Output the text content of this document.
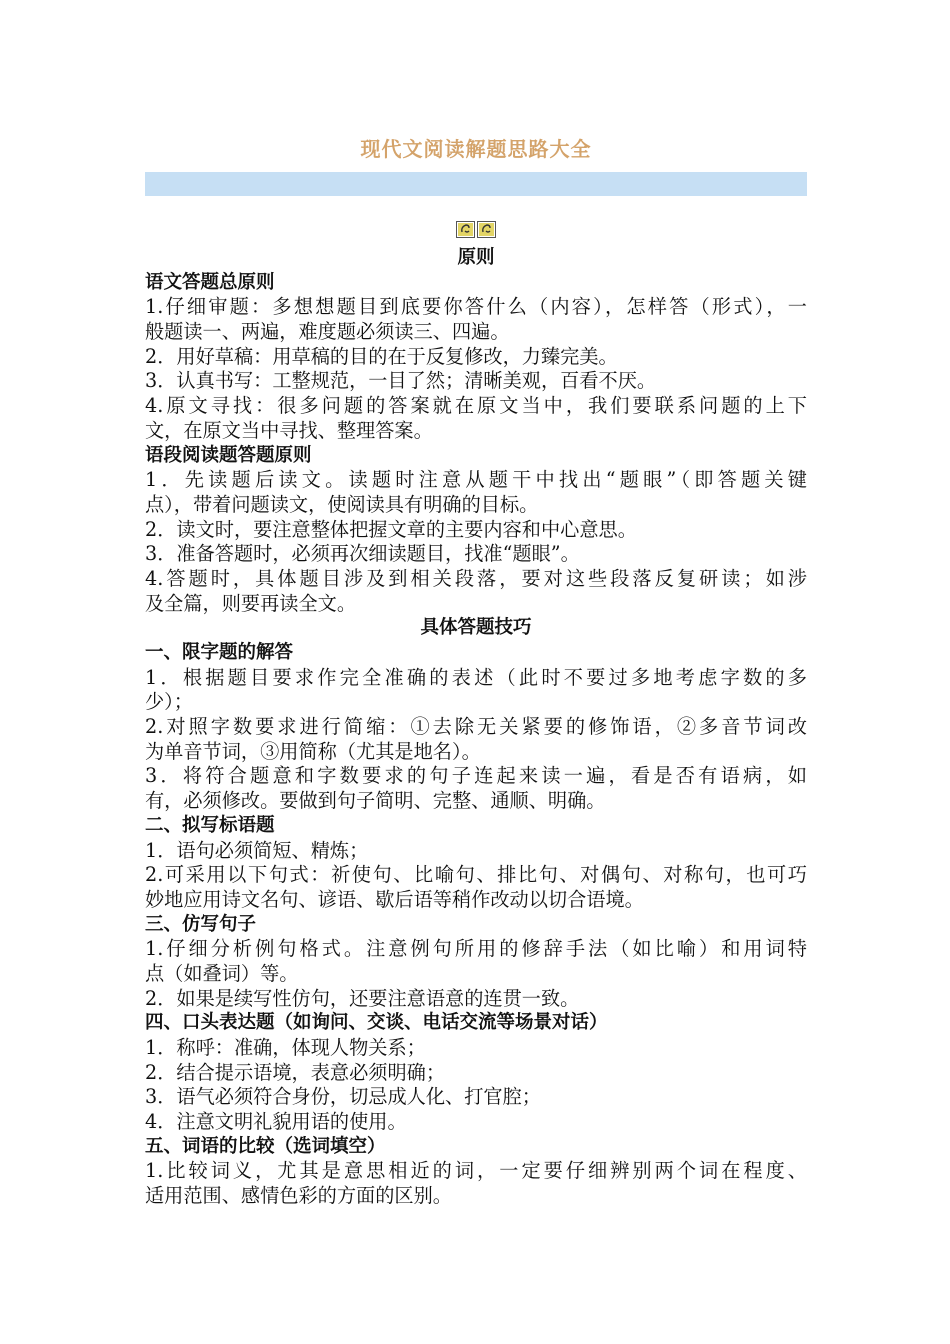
现代文阅读解题思路大全
原则
语文答题总原则
1.仔细审题：多想想题目到底要你答什么（内容），怎样答（形式），一
般题读一、两遍，难度题必须读三、四遍。
2．用好草稿：用草稿的目的在于反复修改，力臻完美。
3．认真书写：工整规范，一目了然；清晰美观，百看不厌。
4.原文寻找：很多问题的答案就在原文当中，我们要联系问题的上下
文，在原文当中寻找、整理答案。
语段阅读题答题原则
1．先读题后读文。读题时注意从题干中找出“题眼”（即答题关键
点），带着问题读文，使阅读具有明确的目标。
2．读文时，要注意整体把握文章的主要内容和中心意思。
3．准备答题时，必须再次细读题目，找准“题眼”。
4.答题时，具体题目涉及到相关段落，要对这些段落反复研读；如涉
及全篇，则要再读全文。
具体答题技巧
一、限字题的解答
1．根据题目要求作完全准确的表述（此时不要过多地考虑字数的多
少）；
2.对照字数要求进行简缩：①去除无关紧要的修饰语，②多音节词改
为单音节词，③用简称（尤其是地名）。
3．将符合题意和字数要求的句子连起来读一遍，看是否有语病，如
有，必须修改。要做到句子简明、完整、通顺、明确。
二、拟写标语题
1．语句必须简短、精炼；
2.可采用以下句式：祈使句、比喻句、排比句、对偶句、对称句，也可巧
妙地应用诗文名句、谚语、歇后语等稍作改动以切合语境。
三、仿写句子
1.仔细分析例句格式。注意例句所用的修辞手法（如比喻）和用词特
点（如叠词）等。
2．如果是续写性仿句，还要注意语意的连贯一致。
四、口头表达题（如询问、交谈、电话交流等场景对话）
1．称呼：准确，体现人物关系；
2．结合提示语境，表意必须明确；
3．语气必须符合身份，切忌成人化、打官腔；
4．注意文明礼貌用语的使用。
五、词语的比较（选词填空）
1.比较词义，尤其是意思相近的词，一定要仔细辨别两个词在程度、
适用范围、感情色彩的方面的区别。
